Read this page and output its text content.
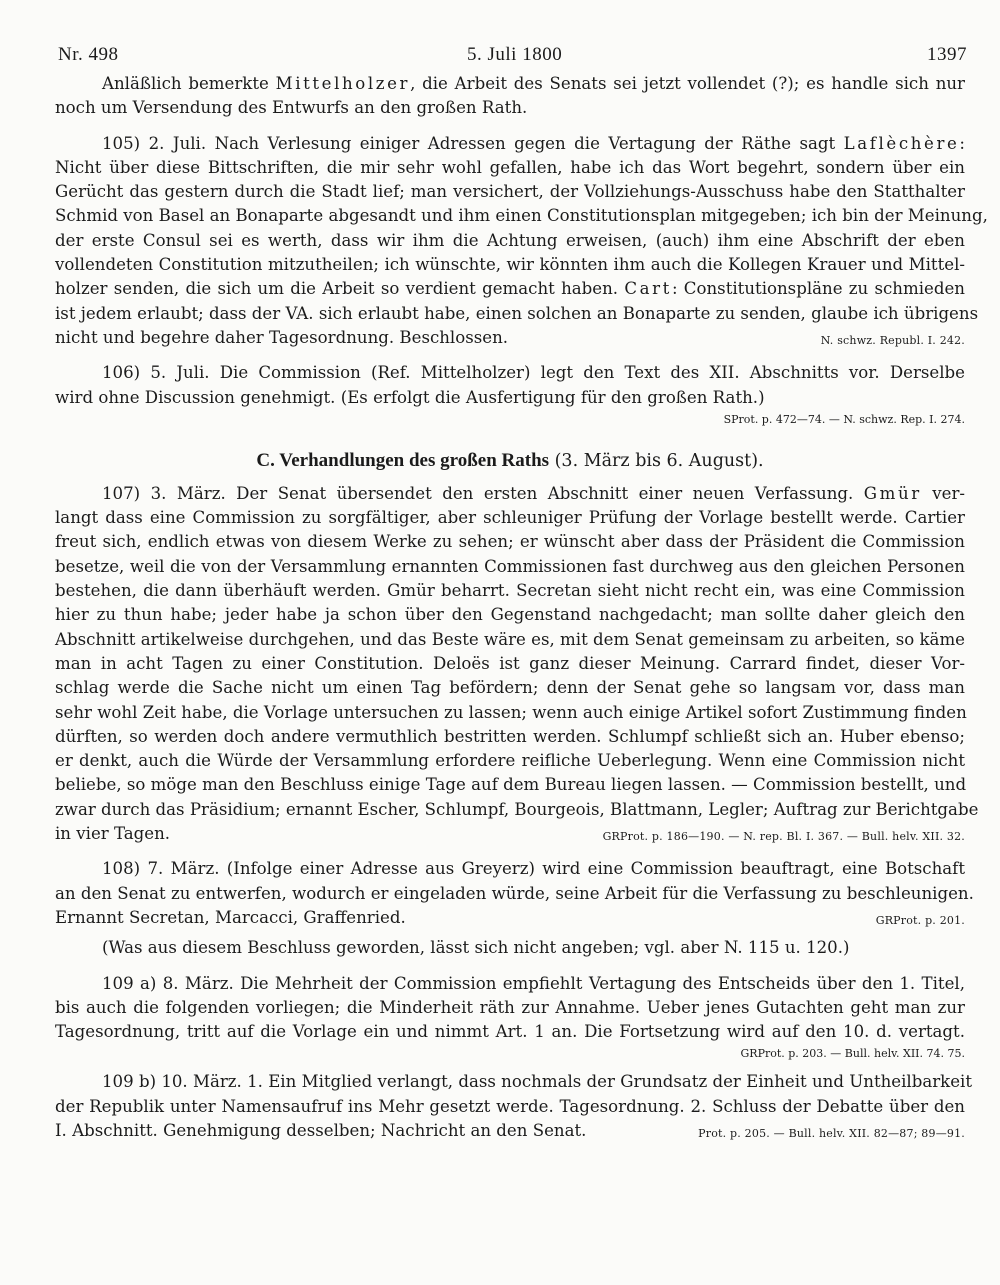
Nr. 498	5. Juli 1800	1397
Anläßlich bemerkte Mittelholzer, die Arbeit des Senats sei jetzt vollendet (?); es handle sich nur
noch um Versendung des Entwurfs an den großen Rath.
105) 2. Juli. Nach Verlesung einiger Adressen gegen die Vertagung der Räthe sagt Laflèchère:
Nicht über diese Bittschriften, die mir sehr wohl gefallen, habe ich das Wort begehrt, sondern über ein
Gerücht das gestern durch die Stadt lief; man versichert, der Vollziehungs-Ausschuss habe den Statthalter
Schmid von Basel an Bonaparte abgesandt und ihm einen Constitutionsplan mitgegeben; ich bin der Meinung,
der erste Consul sei es werth, dass wir ihm die Achtung erweisen, (auch) ihm eine Abschrift der eben
vollendeten Constitution mitzutheilen; ich wünschte, wir könnten ihm auch die Kollegen Krauer und Mittel-
holzer senden, die sich um die Arbeit so verdient gemacht haben. Cart: Constitutionspläne zu schmieden
ist jedem erlaubt; dass der VA. sich erlaubt habe, einen solchen an Bonaparte zu senden, glaube ich übrigens
nicht und begehre daher Tagesordnung. Beschlossen.	N. schwz. Republ. I. 242.
106) 5. Juli. Die Commission (Ref. Mittelholzer) legt den Text des XII. Abschnitts vor. Derselbe
wird ohne Discussion genehmigt. (Es erfolgt die Ausfertigung für den großen Rath.)
SProt. p. 472—74. — N. schwz. Rep. I. 274.
C. Verhandlungen des großen Raths (3. März bis 6. August).
107) 3. März. Der Senat übersendet den ersten Abschnitt einer neuen Verfassung. Gmür ver-
langt dass eine Commission zu sorgfältiger, aber schleuniger Prüfung der Vorlage bestellt werde. Cartier
freut sich, endlich etwas von diesem Werke zu sehen; er wünscht aber dass der Präsident die Commission
besetze, weil die von der Versammlung ernannten Commissionen fast durchweg aus den gleichen Personen
bestehen, die dann überhäuft werden. Gmür beharrt. Secretan sieht nicht recht ein, was eine Commission
hier zu thun habe; jeder habe ja schon über den Gegenstand nachgedacht; man sollte daher gleich den
Abschnitt artikelweise durchgehen, und das Beste wäre es, mit dem Senat gemeinsam zu arbeiten, so käme
man in acht Tagen zu einer Constitution. Deloës ist ganz dieser Meinung. Carrard findet, dieser Vor-
schlag werde die Sache nicht um einen Tag befördern; denn der Senat gehe so langsam vor, dass man
sehr wohl Zeit habe, die Vorlage untersuchen zu lassen; wenn auch einige Artikel sofort Zustimmung finden
dürften, so werden doch andere vermuthlich bestritten werden. Schlumpf schließt sich an. Huber ebenso;
er denkt, auch die Würde der Versammlung erfordere reifliche Ueberlegung. Wenn eine Commission nicht
beliebe, so möge man den Beschluss einige Tage auf dem Bureau liegen lassen. — Commission bestellt, und
zwar durch das Präsidium; ernannt Escher, Schlumpf, Bourgeois, Blattmann, Legler; Auftrag zur Berichtgabe
in vier Tagen.	GRProt. p. 186—190. — N. rep. Bl. I. 367. — Bull. helv. XII. 32.
108) 7. März. (Infolge einer Adresse aus Greyerz) wird eine Commission beauftragt, eine Botschaft
an den Senat zu entwerfen, wodurch er eingeladen würde, seine Arbeit für die Verfassung zu beschleunigen.
Ernannt Secretan, Marcacci, Graffenried.	GRProt. p. 201.
(Was aus diesem Beschluss geworden, lässt sich nicht angeben; vgl. aber N. 115 u. 120.)
109 a) 8. März. Die Mehrheit der Commission empfiehlt Vertagung des Entscheids über den 1. Titel,
bis auch die folgenden vorliegen; die Minderheit räth zur Annahme. Ueber jenes Gutachten geht man zur
Tagesordnung, tritt auf die Vorlage ein und nimmt Art. 1 an. Die Fortsetzung wird auf den 10. d. vertagt.
GRProt. p. 203. — Bull. helv. XII. 74. 75.
109 b) 10. März. 1. Ein Mitglied verlangt, dass nochmals der Grundsatz der Einheit und Untheilbarkeit
der Republik unter Namensaufruf ins Mehr gesetzt werde. Tagesordnung. 2. Schluss der Debatte über den
I. Abschnitt. Genehmigung desselben; Nachricht an den Senat.	Prot. p. 205. — Bull. helv. XII. 82—87; 89—91.
